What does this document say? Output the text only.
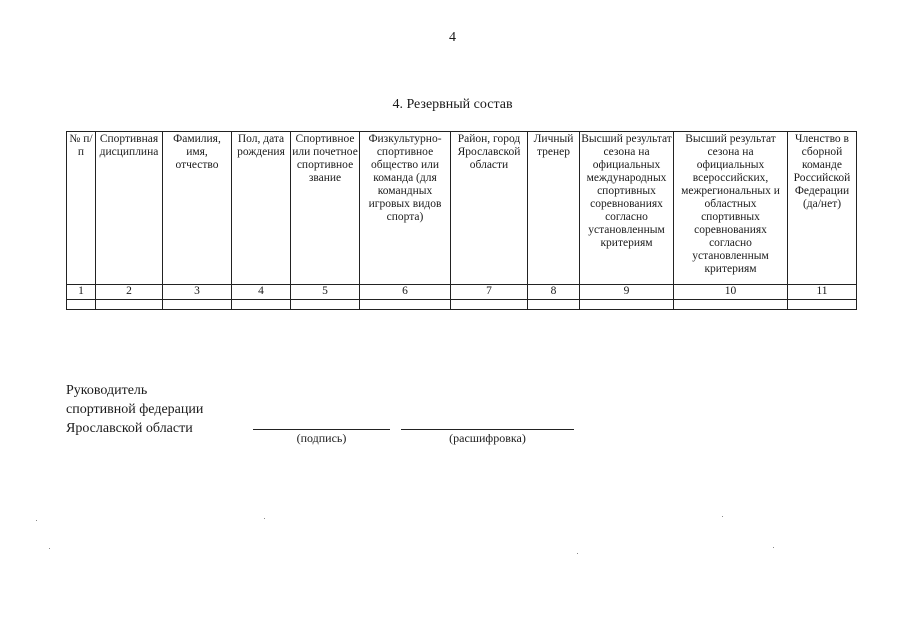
4
4. Резервный состав
№ п/п	Спортивная дисциплина	Фамилия, имя, отчество	Пол, дата рождения	Спортивное или почетное спортивное звание	Физкультурно-спортивное общество или команда (для командных игровых видов спорта)	Район, город Ярославской области	Личный тренер	Высший результат сезона на официальных международных спортивных соревнованиях согласно установленным критериям	Высший результат сезона на официальных всероссийских, межрегиональных и областных спортивных соревнованиях согласно установленным критериям	Членство в сборной команде Российской Федерации (да/нет)
1	2	3	4	5	6	7	8	9	10	11

Руководитель
спортивной федерации
Ярославской области
(подпись)	(расшифровка)
